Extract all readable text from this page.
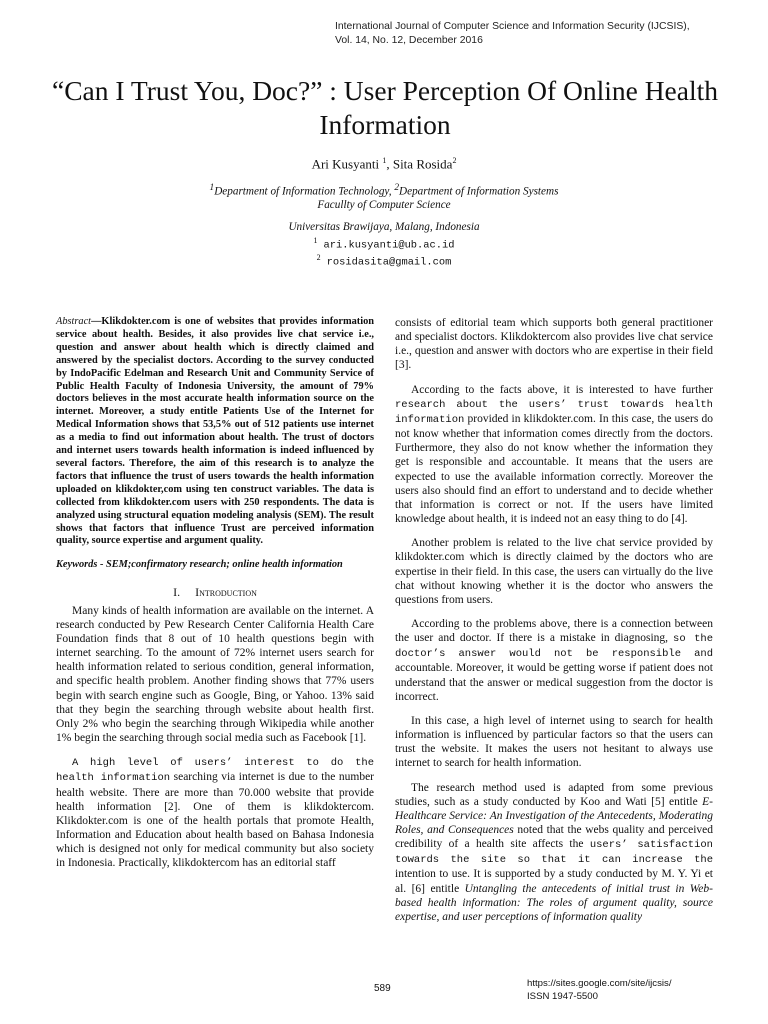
International Journal of Computer Science and Information Security (IJCSIS),
Vol. 14, No. 12, December 2016
“Can I Trust You, Doc?” : User Perception Of Online Health Information
Ari Kusyanti $^1$, Sita Rosida$^2$
$^1$Department of Information Technology, $^2$Department of Information Systems
Facullty of Computer Science
Universitas Brawijaya, Malang, Indonesia
$^1$ ari.kusyanti@ub.ac.id
$^2$ rosidasita@gmail.com

Abstract—Klikdokter.com is one of websites that provides information service about health. Besides, it also provides live chat service i.e., question and answer about health which is directly claimed and answered by the specialist doctors. According to the survey conducted by IndoPacific Edelman and Research Unit and Community Service of Public Health Faculty of Indonesia University, the amount of 79% doctors believes in the most accurate health information source on the internet. Moreover, a study entitle Patients Use of the Internet for Medical Information shows that 53,5% out of 512 patients use internet as a media to find out information about health. The trust of doctors and internet users towards health information is indeed influenced by several factors. Therefore, the aim of this research is to analyze the factors that influence the trust of users towards the health information uploaded on klikdokter,com using ten construct variables. The data is collected from klikdokter.com users with 250 respondents. The data is analyzed using structural equation modeling analysis (SEM). The result shows that factors that influence Trust are perceived information quality, source expertise and argument quality.

Keywords - SEM;confirmatory research; online health information

I. Introduction

Many kinds of health information are available on the internet. A research conducted by Pew Research Center California Health Care Foundation finds that 8 out of 10 health questions begin with internet searching. To the amount of 72% internet users search for health information related to serious condition, general information, and specific health problem. Another finding shows that 77% users begin with search engine such as Google, Bing, or Yahoo. 13% said that they begin the searching through website about health first. Only 2% who begin the searching through Wikipedia while another 1% begin the searching through social media such as Facebook [1].

A high level of users’ interest to do the health information searching via internet is due to the number health website. There are more than 70.000 website that provide health information [2]. One of them is klikdoktercom. Klikdokter.com is one of the health portals that promote Health, Information and Education about health based on Bahasa Indonesia which is designed not only for medical community but also society in Indonesia. Practically, klikdoktercom has an editorial staff

consists of editorial team which supports both general practitioner and specialist doctors. Klikdoktercom also provides live chat service i.e., question and answer with doctors who are expertise in their field [3].

According to the facts above, it is interested to have further research about the users’ trust towards health information provided in klikdokter.com. In this case, the users do not know whether that information comes directly from the doctors. Furthermore, they also do not know whether the information they get is responsible and accountable. It means that the users are expected to use the available information correctly. Moreover the users also should find an effort to understand and to decide whether that information is correct or not. If the users have limited knowledge about health, it is indeed not an easy thing to do [4].

Another problem is related to the live chat service provided by klikdokter.com which is directly claimed by the doctors who are expertise in their field. In this case, the users can virtually do the live chat without knowing whether it is the doctor who answers the questions from users.

According to the problems above, there is a connection between the user and doctor. If there is a mistake in diagnosing, so the doctor’s answer would not be responsible and accountable. Moreover, it would be getting worse if patient does not understand that the answer or medical suggestion from the doctor is incorrect.

In this case, a high level of internet using to search for health information is influenced by particular factors so that the users can trust the website. It makes the users not hesitant to always use internet to search for health information.

The research method used is adapted from some previous studies, such as a study conducted by Koo and Wati [5] entitle E-Healthcare Service: An Investigation of the Antecedents, Moderating Roles, and Consequences noted that the webs quality and perceived credibility of a health site affects the users’ satisfaction towards the site so that it can increase the intention to use. It is supported by a study conducted by M. Y. Yi et al. [6] entitle Untangling the antecedents of initial trust in Web-based health information: The roles of argument quality, source expertise, and user perceptions of information quality

589	https://sites.google.com/site/ijcsis/
ISSN 1947-5500
